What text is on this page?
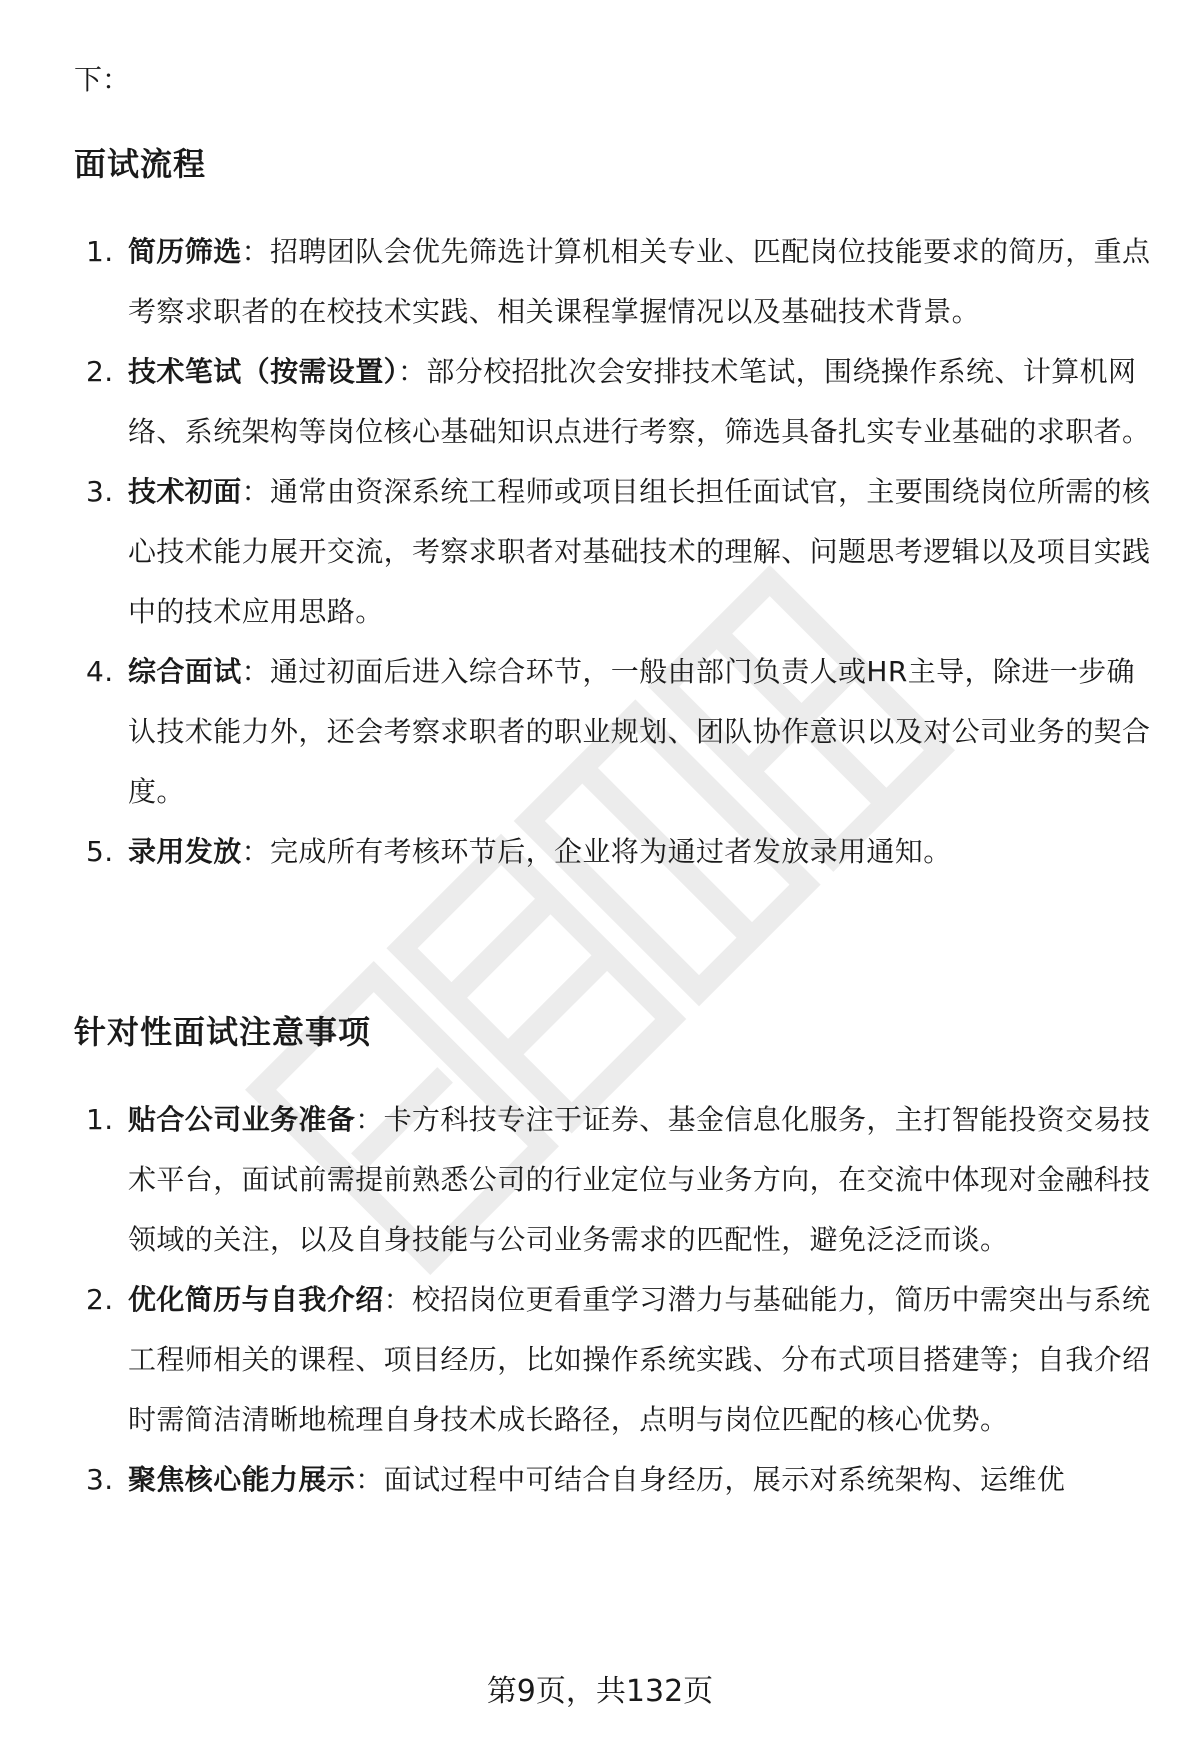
下：
面试流程
1. 简历筛选：招聘团队会优先筛选计算机相关专业、匹配岗位技能要求的简历，重点考察求职者的在校技术实践、相关课程掌握情况以及基础技术背景。
2. 技术笔试（按需设置）：部分校招批次会安排技术笔试，围绕操作系统、计算机网络、系统架构等岗位核心基础知识点进行考察，筛选具备扎实专业基础的求职者。
3. 技术初面：通常由资深系统工程师或项目组长担任面试官，主要围绕岗位所需的核心技术能力展开交流，考察求职者对基础技术的理解、问题思考逻辑以及项目实践中的技术应用思路。
4. 综合面试：通过初面后进入综合环节，一般由部门负责人或HR主导，除进一步确认技术能力外，还会考察求职者的职业规划、团队协作意识以及对公司业务的契合度。
5. 录用发放：完成所有考核环节后，企业将为通过者发放录用通知。
针对性面试注意事项
1. 贴合公司业务准备：卡方科技专注于证券、基金信息化服务，主打智能投资交易技术平台，面试前需提前熟悉公司的行业定位与业务方向，在交流中体现对金融科技领域的关注，以及自身技能与公司业务需求的匹配性，避免泛泛而谈。
2. 优化简历与自我介绍：校招岗位更看重学习潜力与基础能力，简历中需突出与系统工程师相关的课程、项目经历，比如操作系统实践、分布式项目搭建等；自我介绍时需简洁清晰地梳理自身技术成长路径，点明与岗位匹配的核心优势。
3. 聚焦核心能力展示：面试过程中可结合自身经历，展示对系统架构、运维优
第9页，共132页
